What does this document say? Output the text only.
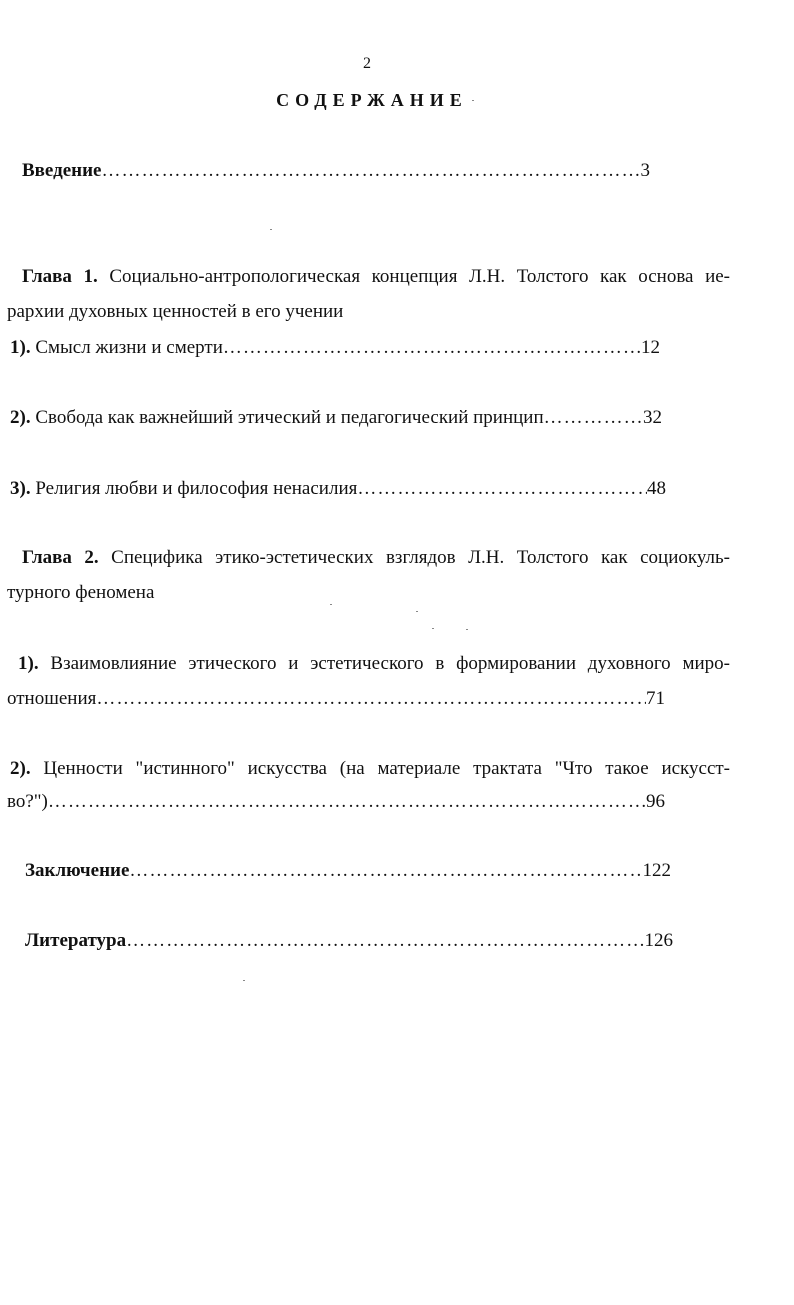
2
СОДЕРЖАНИЕ
Введение ……………………………………………………………………………………………………………………………………………………………………	3
Глава 1. Социально-антропологическая концепция Л.Н. Толстого как основа ие-
рархии духовных ценностей в его учении
1). Смысл жизни и смерти ……………………………………………………………………………………………………………………………………………………………………	12
2). Свобода как важнейший этический и педагогический принцип ……………………………………………………………………………………………………………………………………………………………………	32
3). Религия любви и философия ненасилия ……………………………………………………………………………………………………………………………………………………………………	48
Глава 2. Специфика этико-эстетических взглядов Л.Н. Толстого как социокуль-
турного феномена
1). Взаимовлияние этического и эстетического в формировании духовного миро-
отношения ……………………………………………………………………………………………………………………………………………………………………	71
2). Ценности "истинного" искусства (на материале трактата "Что такое искусст-
во?") ……………………………………………………………………………………………………………………………………………………………………	96
Заключение ……………………………………………………………………………………………………………………………………………………………………	122
Литература ……………………………………………………………………………………………………………………………………………………………………	126
